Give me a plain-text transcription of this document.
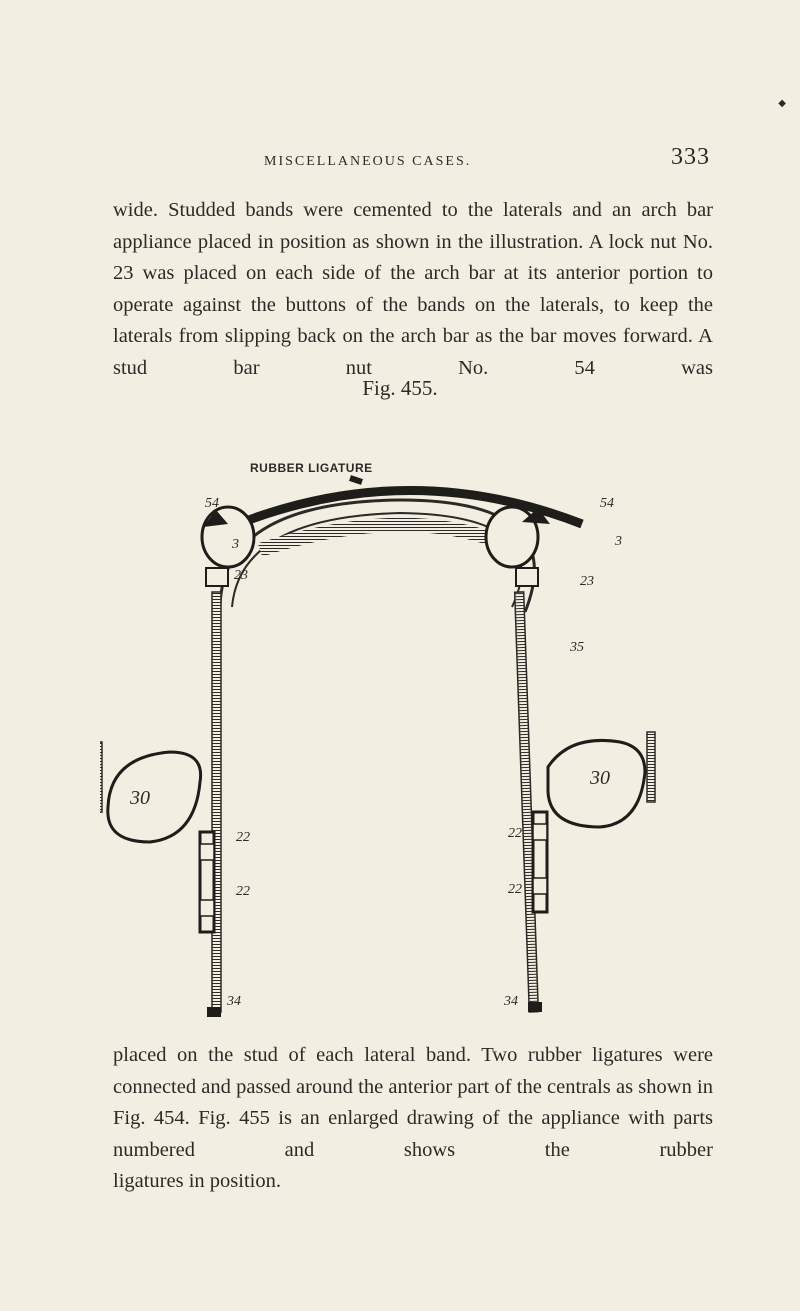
MISCELLANEOUS CASES.	333
◆

wide. Studded bands were cemented to the laterals and an arch bar appliance placed in position as shown in the illustration. A lock nut No. 23 was placed on each side of the arch bar at its anterior portion to operate against the buttons of the bands on the laterals, to keep the laterals from slipping back on the arch bar as the bar moves forward. A stud bar nut No. 54 was

Fig. 455.
RUBBER LIGATURE
54	54
3	3
23	23
35
22
22
22
22
30
30
34	34

placed on the stud of each lateral band. Two rubber ligatures were connected and passed around the anterior part of the centrals as shown in Fig. 454. Fig. 455 is an enlarged drawing of the appliance with parts numbered and shows the rubber
ligatures in position.
